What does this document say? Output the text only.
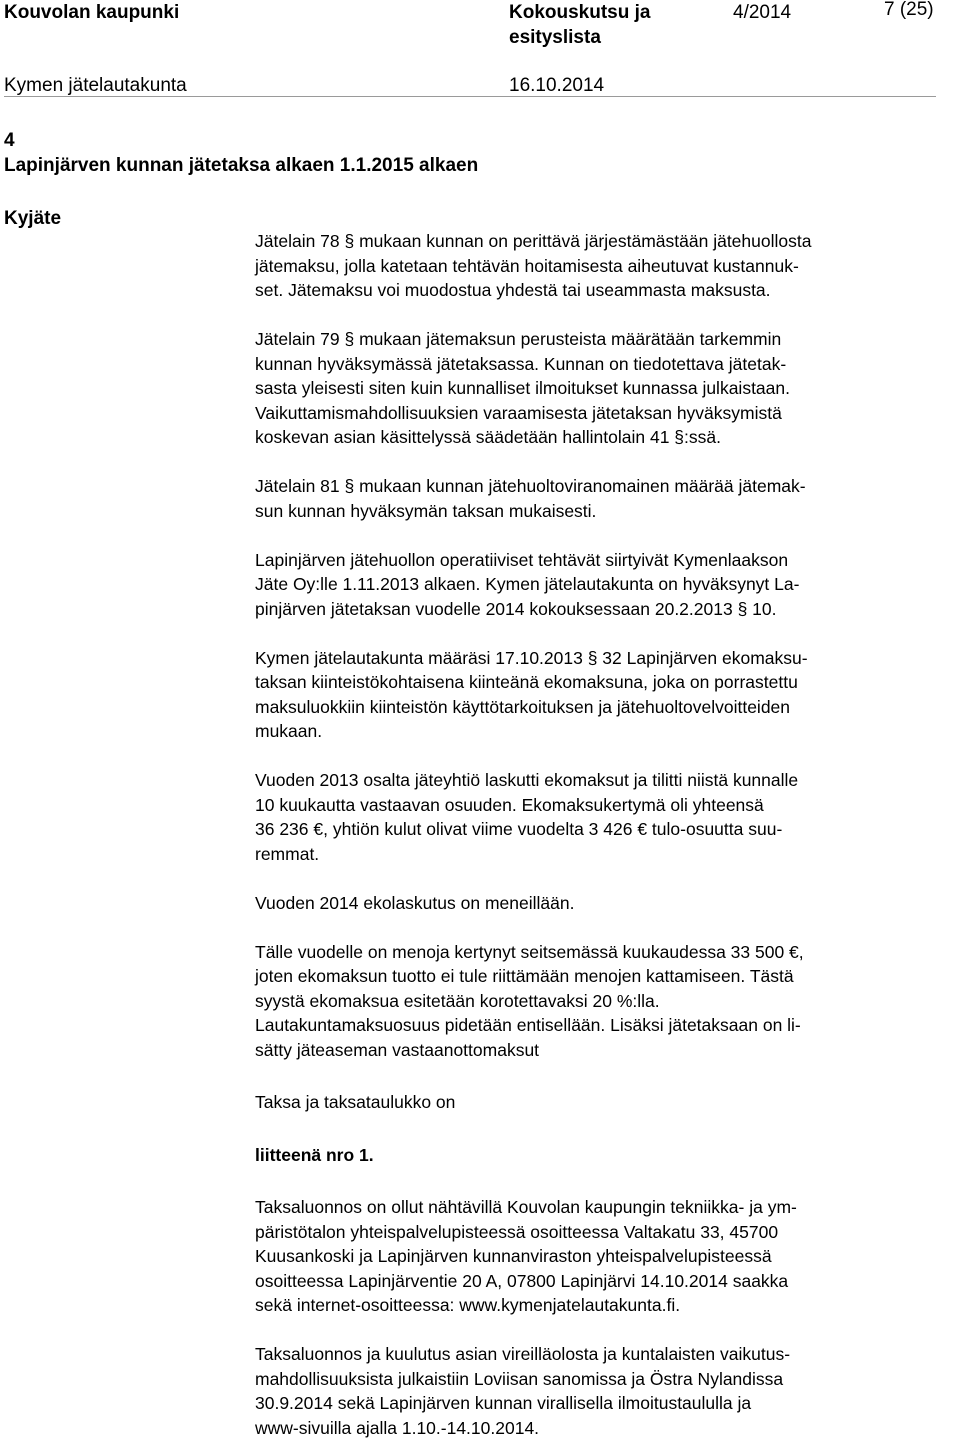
Kouvolan kaupunki	Kokouskutsu ja
esityslista
4/2014	7 (25)
Kymen jätelautakunta	16.10.2014
4
Lapinjärven kunnan jätetaksa alkaen 1.1.2015 alkaen
Kyjäte
Jätelain 78 § mukaan kunnan on perittävä järjestämästään jätehuollosta
jätemaksu, jolla katetaan tehtävän hoitamisesta aiheutuvat kustannuk-
set. Jätemaksu voi muodostua yhdestä tai useammasta maksusta.
Jätelain 79 § mukaan jätemaksun perusteista määrätään tarkemmin
kunnan hyväksymässä jätetaksassa. Kunnan on tiedotettava jätetak-
sasta yleisesti siten kuin kunnalliset ilmoitukset kunnassa julkaistaan.
Vaikuttamismahdollisuuksien varaamisesta jätetaksan hyväksymistä
koskevan asian käsittelyssä säädetään hallintolain 41 §:ssä.
Jätelain 81 § mukaan kunnan jätehuoltoviranomainen määrää jätemak-
sun kunnan hyväksymän taksan mukaisesti.
Lapinjärven jätehuollon operatiiviset tehtävät siirtyivät Kymenlaakson
Jäte Oy:lle 1.11.2013 alkaen. Kymen jätelautakunta on hyväksynyt La-
pinjärven jätetaksan vuodelle 2014 kokouksessaan 20.2.2013 § 10.
Kymen jätelautakunta määräsi 17.10.2013 § 32 Lapinjärven ekomaksu-
taksan kiinteistökohtaisena kiinteänä ekomaksuna, joka on porrastettu
maksuluokkiin kiinteistön käyttötarkoituksen ja jätehuoltovelvoitteiden
mukaan.
Vuoden 2013 osalta jäteyhtiö laskutti ekomaksut ja tilitti niistä kunnalle
10 kuukautta vastaavan osuuden. Ekomaksukertymä oli yhteensä
36 236 €, yhtiön kulut olivat viime vuodelta 3 426 € tulo-osuutta suu-
remmat.
Vuoden 2014 ekolaskutus on meneillään.
Tälle vuodelle on menoja kertynyt seitsemässä kuukaudessa 33 500 €,
joten ekomaksun tuotto ei tule riittämään menojen kattamiseen. Tästä
syystä ekomaksua esitetään korotettavaksi 20 %:lla.
Lautakuntamaksuosuus pidetään entisellään. Lisäksi jätetaksaan on li-
sätty jäteaseman vastaanottomaksut
Taksa ja taksataulukko on
liitteenä nro 1.
Taksaluonnos on ollut nähtävillä Kouvolan kaupungin tekniikka- ja ym-
päristötalon yhteispalvelupisteessä osoitteessa Valtakatu 33, 45700
Kuusankoski ja Lapinjärven kunnanviraston yhteispalvelupisteessä
osoitteessa Lapinjärventie 20 A, 07800 Lapinjärvi 14.10.2014 saakka
sekä internet-osoitteessa: www.kymenjatelautakunta.fi.
Taksaluonnos ja kuulutus asian vireilläolosta ja kuntalaisten vaikutus-
mahdollisuuksista julkaistiin Loviisan sanomissa ja Östra Nylandissa
30.9.2014 sekä Lapinjärven kunnan virallisella ilmoitustaululla ja
www-sivuilla ajalla 1.10.-14.10.2014.
